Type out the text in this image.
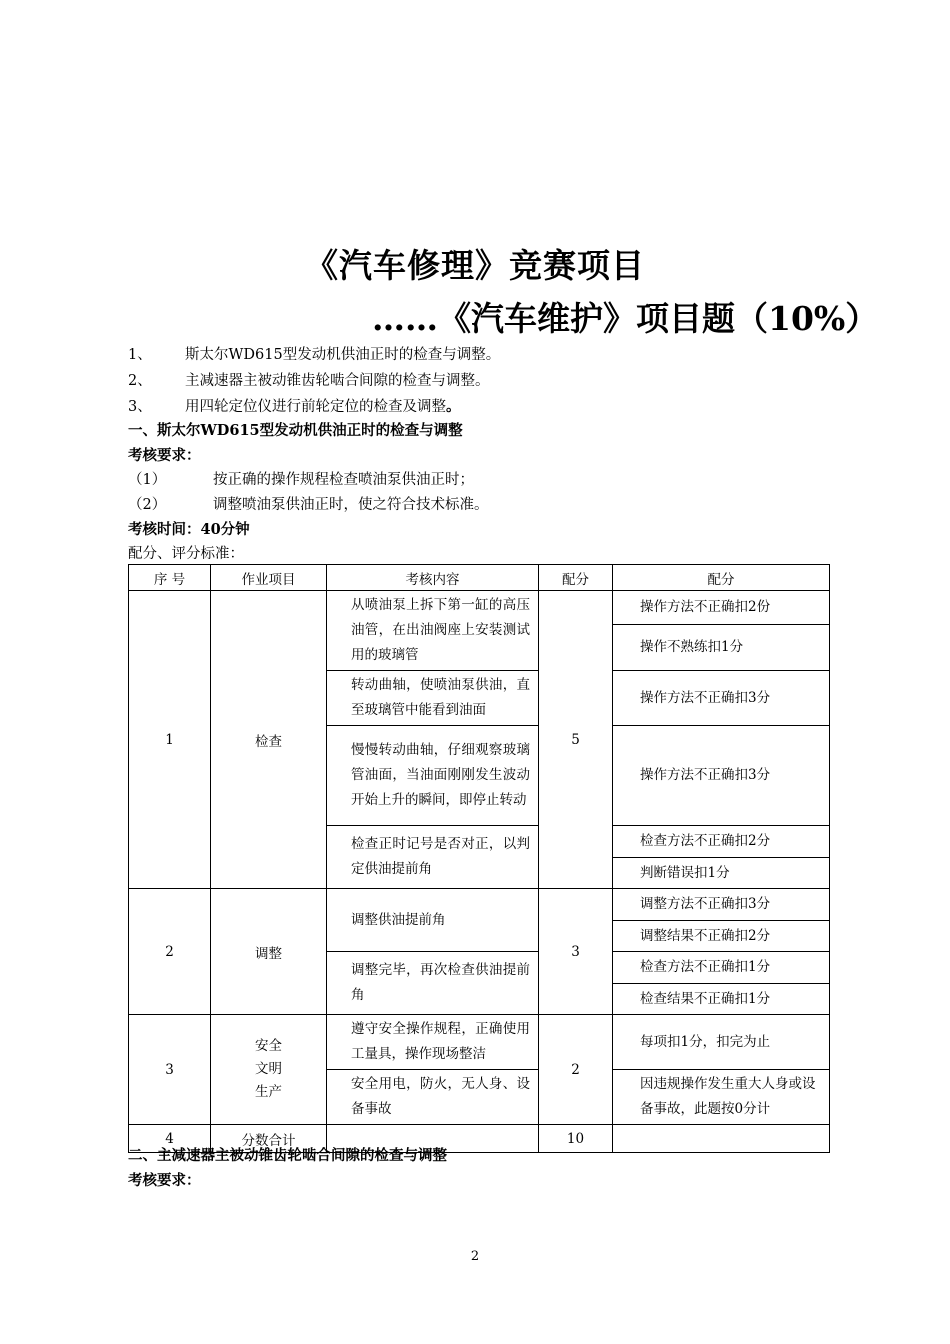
《汽车修理》竞赛项目
……《汽车维护》项目题（10%）
1、 斯太尔WD615型发动机供油正时的检查与调整。
2、 主减速器主被动锥齿轮啮合间隙的检查与调整。
3、 用四轮定位仪进行前轮定位的检查及调整。
一、斯太尔WD615型发动机供油正时的检查与调整
考核要求：
（1）	按正确的操作规程检查喷油泵供油正时；
（2）	调整喷油泵供油正时，使之符合技术标准。
考核时间：40分钟
配分、评分标准：
序 号	作业项目	考核内容	配分	配分
1	检查	从喷油泵上拆下第一缸的高压油管，在出油阀座上安装测试用的玻璃管	5	操作方法不正确扣2份
				操作不熟练扣1分
		转动曲轴，使喷油泵供油，直至玻璃管中能看到油面		操作方法不正确扣3分
		慢慢转动曲轴，仔细观察玻璃管油面，当油面刚刚发生波动开始上升的瞬间，即停止转动		操作方法不正确扣3分
		检查正时记号是否对正，以判定供油提前角		检查方法不正确扣2分
				判断错误扣1分

2	调整	调整供油提前角	3	调整方法不正确扣3分
				调整结果不正确扣2分
		调整完毕，再次检查供油提前角		检查方法不正确扣1分
				检查结果不正确扣1分
3	安全
文明
生产	遵守安全操作规程，正确使用工量具，操作现场整洁	2	每项扣1分，扣完为止
		安全用电，防火，无人身、设备事故		因违规操作发生重大人身或设备事故，此题按0分计
4	分数合计		10	
二、主减速器主被动锥齿轮啮合间隙的检查与调整
考核要求：
2
